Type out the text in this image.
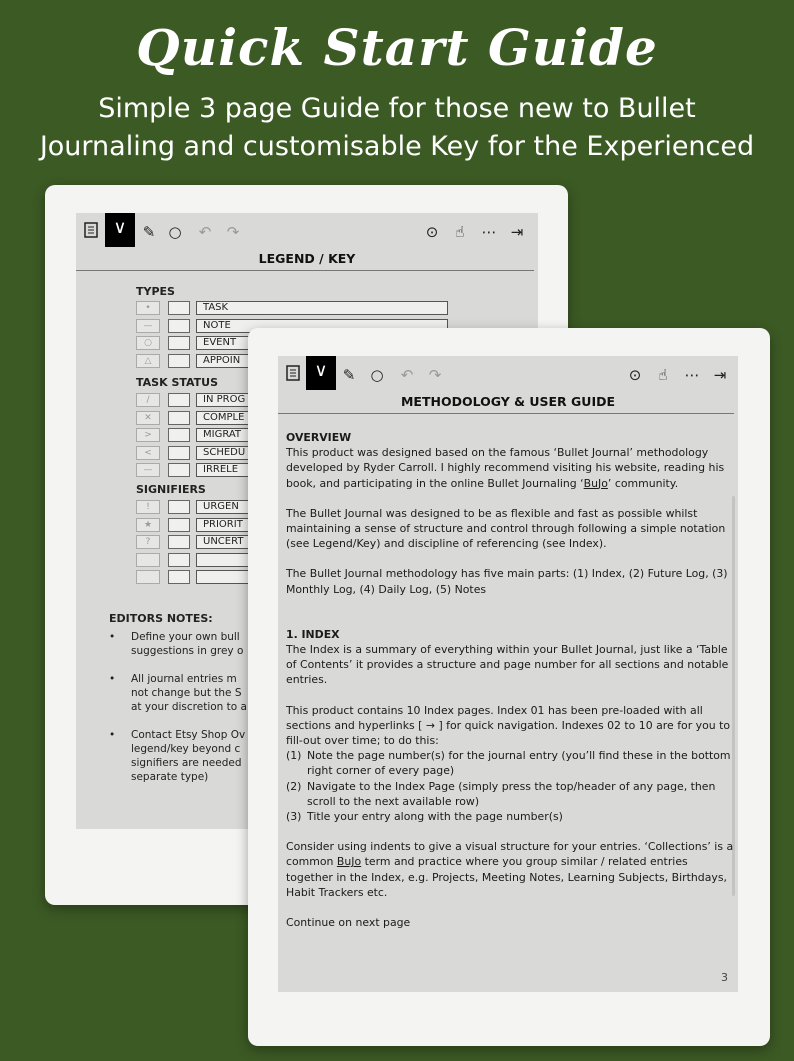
Quick Start Guide
Simple 3 page Guide for those new to Bullet
Journaling and customisable Key for the Experienced
∨	✎ ○	↶	↷	⊙	☝	⋯ ⇥
LEGEND / KEY
TYPES
•	TASK
—	NOTE
○	EVENT
△	APPOIN
TASK STATUS
/	IN PROG
✕	COMPLE
>	MIGRAT
<	SCHEDU
—	IRRELE
SIGNIFIERS
!	URGEN
★	PRIORIT
?	UNCERT
EDITORS NOTES:
•	Define your own bull
suggestions in grey o
•	All journal entries m
not change but the S
at your discretion to a
•	Contact Etsy Shop Ov
legend/key beyond c
signifiers are needed
separate type)
∨	✎	○	↶	↷	⊙	☝	⋯ ⇥
METHODOLOGY & USER GUIDE

OVERVIEW

This product was designed based on the famous ‘Bullet Journal’ methodology developed by Ryder Carroll. I highly recommend visiting his website, reading his book, and participating in the online Bullet Journaling ‘BuJo’ community.

The Bullet Journal was designed to be as flexible and fast as possible whilst maintaining a sense of structure and control through following a simple notation (see Legend/Key) and discipline of referencing (see Index).

The Bullet Journal methodology has five main parts: (1) Index, (2) Future Log, (3) Monthly Log, (4) Daily Log, (5) Notes

1. INDEX

The Index is a summary of everything within your Bullet Journal, just like a ‘Table of Contents’ it provides a structure and page number for all sections and notable entries.

This product contains 10 Index pages. Index 01 has been pre-loaded with all sections and hyperlinks [ → ] for quick navigation. Indexes 02 to 10 are for you to fill-out over time; to do this:

(1) Note the page number(s) for the journal entry (you’ll find these in the bottom right corner of every page)
(2) Navigate to the Index Page (simply press the top/header of any page, then scroll to the next available row)
(3) Title your entry along with the page number(s)

Consider using indents to give a visual structure for your entries. ‘Collections’ is a common BuJo term and practice where you group similar / related entries together in the Index, e.g. Projects, Meeting Notes, Learning Subjects, Birthdays, Habit Trackers etc.

Continue on next page

3
